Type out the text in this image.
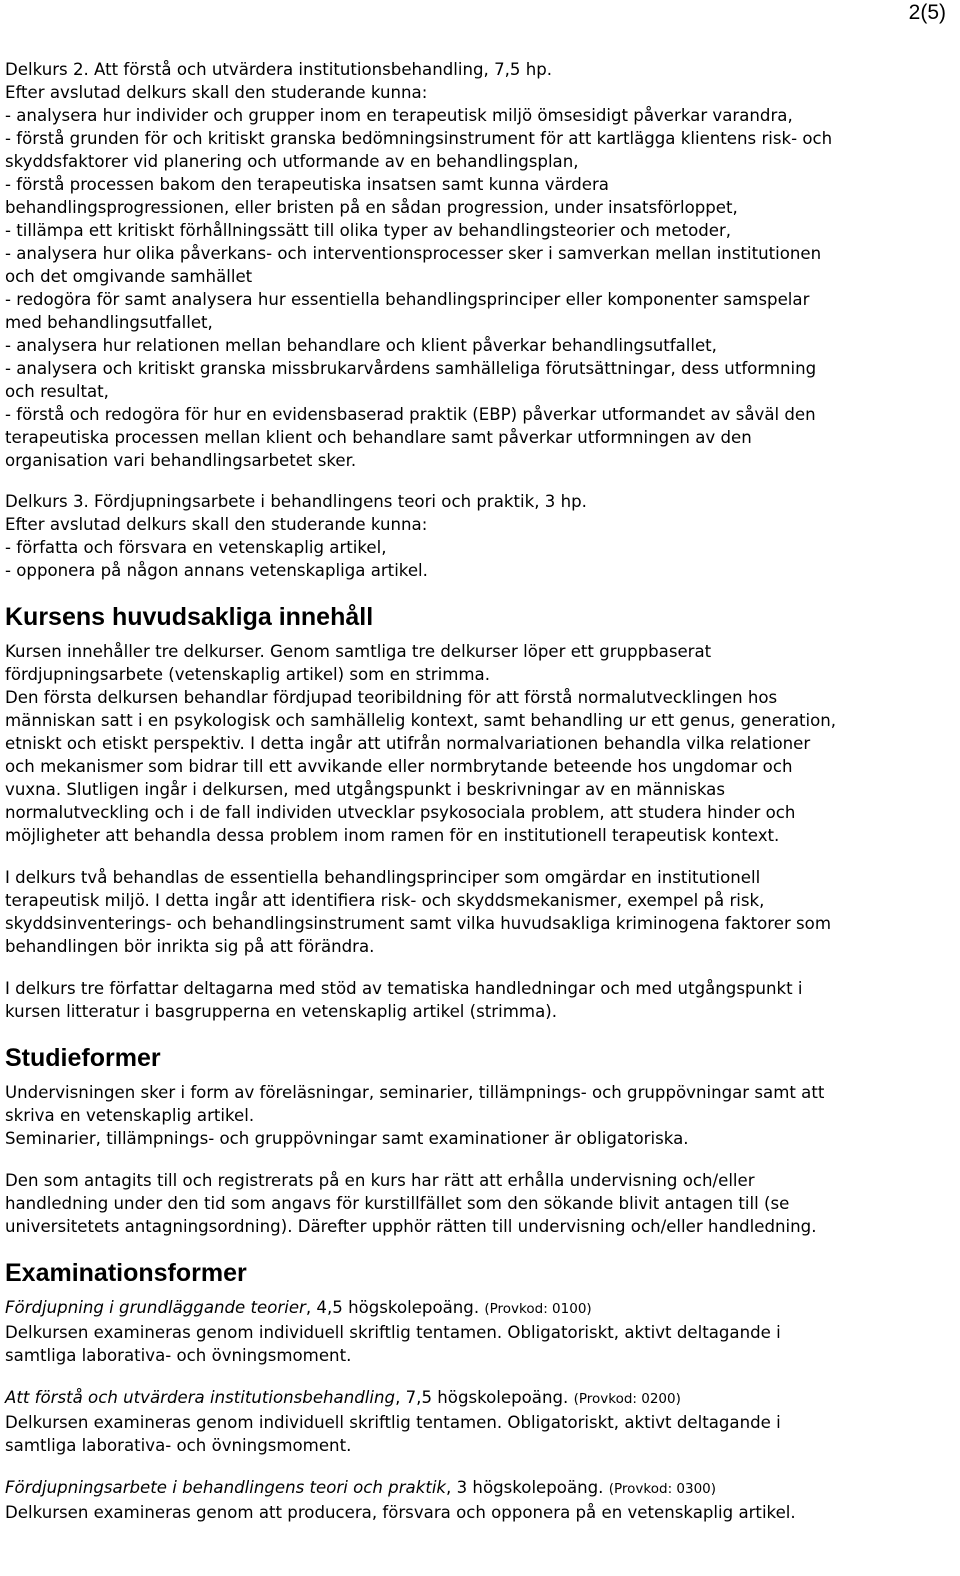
2(5)
Delkurs 2. Att förstå och utvärdera institutionsbehandling, 7,5 hp.
Efter avslutad delkurs skall den studerande kunna:
- analysera hur individer och grupper inom en terapeutisk miljö ömsesidigt påverkar varandra,
- förstå grunden för och kritiskt granska bedömningsinstrument för att kartlägga klientens risk- och
skyddsfaktorer vid planering och utformande av en behandlingsplan,
- förstå processen bakom den terapeutiska insatsen samt kunna värdera
behandlingsprogressionen, eller bristen på en sådan progression, under insatsförloppet,
- tillämpa ett kritiskt förhållningssätt till olika typer av behandlingsteorier och metoder,
- analysera hur olika påverkans- och interventionsprocesser sker i samverkan mellan institutionen
och det omgivande samhället
- redogöra för samt analysera hur essentiella behandlingsprinciper eller komponenter samspelar
med behandlingsutfallet,
- analysera hur relationen mellan behandlare och klient påverkar behandlingsutfallet,
- analysera och kritiskt granska missbrukarvårdens samhälleliga förutsättningar, dess utformning
och resultat,
- förstå och redogöra för hur en evidensbaserad praktik (EBP) påverkar utformandet av såväl den
terapeutiska processen mellan klient och behandlare samt påverkar utformningen av den
organisation vari behandlingsarbetet sker.
Delkurs 3. Fördjupningsarbete i behandlingens teori och praktik, 3 hp.
Efter avslutad delkurs skall den studerande kunna:
- författa och försvara en vetenskaplig artikel,
- opponera på någon annans vetenskapliga artikel.
Kursens huvudsakliga innehåll
Kursen innehåller tre delkurser. Genom samtliga tre delkurser löper ett gruppbaserat
fördjupningsarbete (vetenskaplig artikel) som en strimma.
Den första delkursen behandlar fördjupad teoribildning för att förstå normalutvecklingen hos
människan satt i en psykologisk och samhällelig kontext, samt behandling ur ett genus, generation,
etniskt och etiskt perspektiv. I detta ingår att utifrån normalvariationen behandla vilka relationer
och mekanismer som bidrar till ett avvikande eller normbrytande beteende hos ungdomar och
vuxna. Slutligen ingår i delkursen, med utgångspunkt i beskrivningar av en människas
normalutveckling och i de fall individen utvecklar psykosociala problem, att studera hinder och
möjligheter att behandla dessa problem inom ramen för en institutionell terapeutisk kontext.
I delkurs två behandlas de essentiella behandlingsprinciper som omgärdar en institutionell
terapeutisk miljö. I detta ingår att identifiera risk- och skyddsmekanismer, exempel på risk,
skyddsinventerings- och behandlingsinstrument samt vilka huvudsakliga kriminogena faktorer som
behandlingen bör inrikta sig på att förändra.
I delkurs tre författar deltagarna med stöd av tematiska handledningar och med utgångspunkt i
kursen litteratur i basgrupperna en vetenskaplig artikel (strimma).
Studieformer
Undervisningen sker i form av föreläsningar, seminarier, tillämpnings- och gruppövningar samt att
skriva en vetenskaplig artikel.
Seminarier, tillämpnings- och gruppövningar samt examinationer är obligatoriska.
Den som antagits till och registrerats på en kurs har rätt att erhålla undervisning och/eller
handledning under den tid som angavs för kurstillfället som den sökande blivit antagen till (se
universitetets antagningsordning). Därefter upphör rätten till undervisning och/eller handledning.
Examinationsformer
Fördjupning i grundläggande teorier, 4,5 högskolepoäng. (Provkod: 0100)
Delkursen examineras genom individuell skriftlig tentamen. Obligatoriskt, aktivt deltagande i
samtliga laborativa- och övningsmoment.
Att förstå och utvärdera institutionsbehandling, 7,5 högskolepoäng. (Provkod: 0200)
Delkursen examineras genom individuell skriftlig tentamen. Obligatoriskt, aktivt deltagande i
samtliga laborativa- och övningsmoment.
Fördjupningsarbete i behandlingens teori och praktik, 3 högskolepoäng. (Provkod: 0300)
Delkursen examineras genom att producera, försvara och opponera på en vetenskaplig artikel.
